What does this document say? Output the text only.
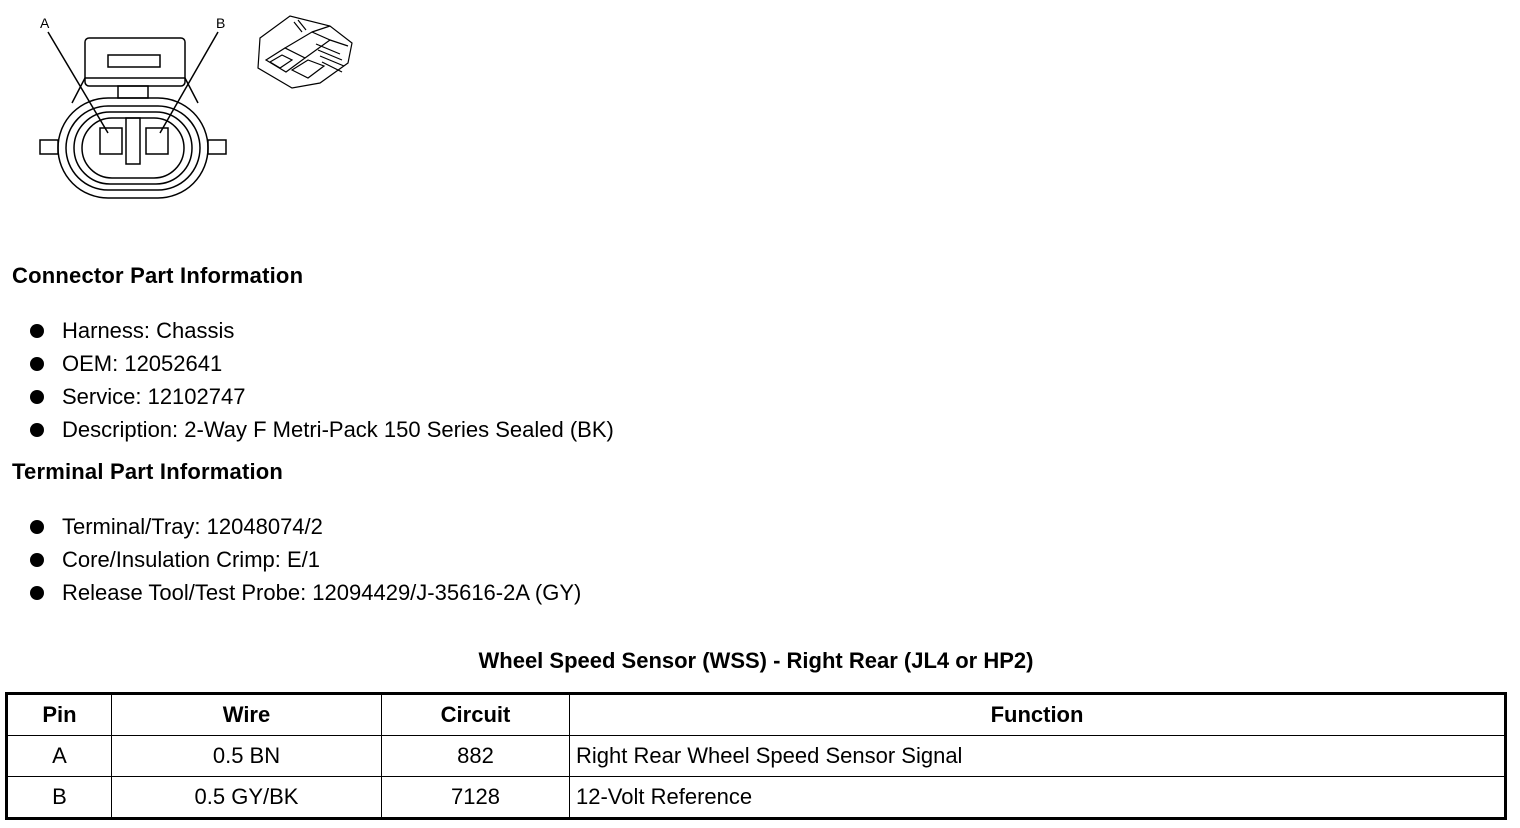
A	B
Connector Part Information
Harness: Chassis
OEM: 12052641
Service: 12102747
Description: 2-Way F Metri-Pack 150 Series Sealed (BK)
Terminal Part Information
Terminal/Tray: 12048074/2
Core/Insulation Crimp: E/1
Release Tool/Test Probe: 12094429/J-35616-2A (GY)
Wheel Speed Sensor (WSS) - Right Rear (JL4 or HP2)
Pin	Wire	Circuit	Function
A	0.5 BN	882	Right Rear Wheel Speed Sensor Signal
B	0.5 GY/BK	7128	12-Volt Reference
